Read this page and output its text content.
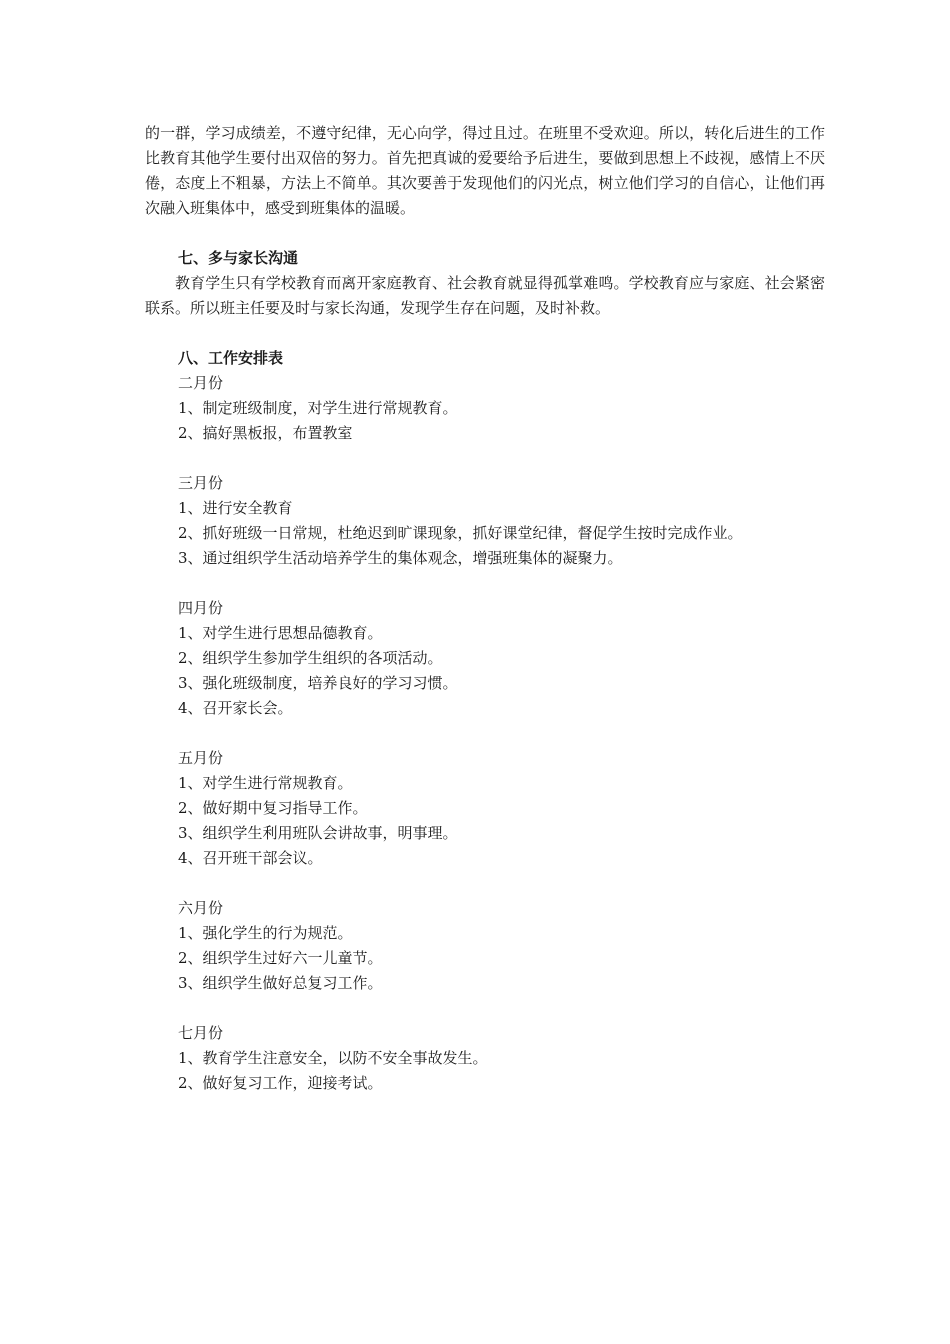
的一群，学习成绩差，不遵守纪律，无心向学，得过且过。在班里不受欢迎。所以，转化后进生的工作比教育其他学生要付出双倍的努力。首先把真诚的爱要给予后进生，要做到思想上不歧视，感情上不厌倦，态度上不粗暴，方法上不简单。其次要善于发现他们的闪光点，树立他们学习的自信心，让他们再次融入班集体中，感受到班集体的温暖。

七、多与家长沟通

教育学生只有学校教育而离开家庭教育、社会教育就显得孤掌难鸣。学校教育应与家庭、社会紧密联系。所以班主任要及时与家长沟通，发现学生存在问题，及时补救。

八、工作安排表

二月份

1、制定班级制度，对学生进行常规教育。

2、搞好黑板报，布置教室

三月份

1、进行安全教育

2、抓好班级一日常规，杜绝迟到旷课现象，抓好课堂纪律，督促学生按时完成作业。

3、通过组织学生活动培养学生的集体观念，增强班集体的凝聚力。

四月份

1、对学生进行思想品德教育。

2、组织学生参加学生组织的各项活动。

3、强化班级制度，培养良好的学习习惯。

4、召开家长会。

五月份

1、对学生进行常规教育。

2、做好期中复习指导工作。

3、组织学生利用班队会讲故事，明事理。

4、召开班干部会议。

六月份

1、强化学生的行为规范。

2、组织学生过好六一儿童节。

3、组织学生做好总复习工作。

七月份

1、教育学生注意安全，以防不安全事故发生。

2、做好复习工作，迎接考试。
